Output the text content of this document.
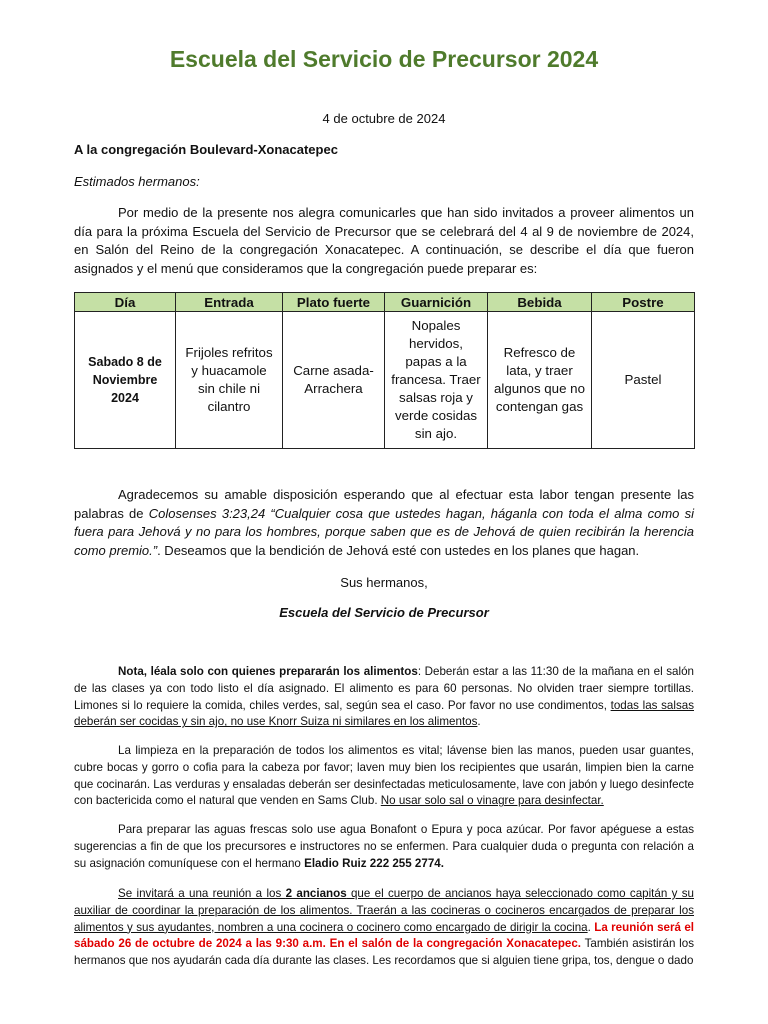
Escuela del Servicio de Precursor 2024
4 de octubre de 2024
A la congregación Boulevard-Xonacatepec
Estimados hermanos:

Por medio de la presente nos alegra comunicarles que han sido invitados a proveer alimentos un día para la próxima Escuela del Servicio de Precursor que se celebrará del 4 al 9 de noviembre de 2024, en Salón del Reino de la congregación Xonacatepec. A continuación, se describe el día que fueron asignados y el menú que consideramos que la congregación puede preparar es:

Día	Entrada	Plato fuerte	Guarnición	Bebida	Postre
Sabado 8 de Noviembre 2024	Frijoles refritos y huacamole sin chile ni cilantro	Carne asada-Arrachera	Nopales hervidos, papas a la francesa. Traer salsas roja y verde cosidas sin ajo.	Refresco de lata, y traer algunos que no contengan gas	Pastel

Agradecemos su amable disposición esperando que al efectuar esta labor tengan presente las palabras de Colosenses 3:23,24 “Cualquier cosa que ustedes hagan, háganla con toda el alma como si fuera para Jehová y no para los hombres, porque saben que es de Jehová de quien recibirán la herencia como premio.”. Deseamos que la bendición de Jehová esté con ustedes en los planes que hagan.

Sus hermanos,
Escuela del Servicio de Precursor

Nota, léala solo con quienes prepararán los alimentos: Deberán estar a las 11:30 de la mañana en el salón de las clases ya con todo listo el día asignado. El alimento es para 60 personas. No olviden traer siempre tortillas. Limones si lo requiere la comida, chiles verdes, sal, según sea el caso. Por favor no use condimentos, todas las salsas deberán ser cocidas y sin ajo, no use Knorr Suiza ni similares en los alimentos.

La limpieza en la preparación de todos los alimentos es vital; lávense bien las manos, pueden usar guantes, cubre bocas y gorro o cofia para la cabeza por favor; laven muy bien los recipientes que usarán, limpien bien la carne que cocinarán. Las verduras y ensaladas deberán ser desinfectadas meticulosamente, lave con jabón y luego desinfecte con bactericida como el natural que venden en Sams Club. No usar solo sal o vinagre para desinfectar.

Para preparar las aguas frescas solo use agua Bonafont o Epura y poca azúcar. Por favor apéguese a estas sugerencias a fin de que los precursores e instructores no se enfermen. Para cualquier duda o pregunta con relación a su asignación comuníquese con el hermano Eladio Ruiz 222 255 2774.

Se invitará a una reunión a los 2 ancianos que el cuerpo de ancianos haya seleccionado como capitán y su auxiliar de coordinar la preparación de los alimentos. Traerán a las cocineras o cocineros encargados de preparar los alimentos y sus ayudantes, nombren a una cocinera o cocinero como encargado de dirigir la cocina. La reunión será el sábado 26 de octubre de 2024 a las 9:30 a.m. En el salón de la congregación Xonacatepec. También asistirán los hermanos que nos ayudarán cada día durante las clases. Les recordamos que si alguien tiene gripa, tos, dengue o dado
